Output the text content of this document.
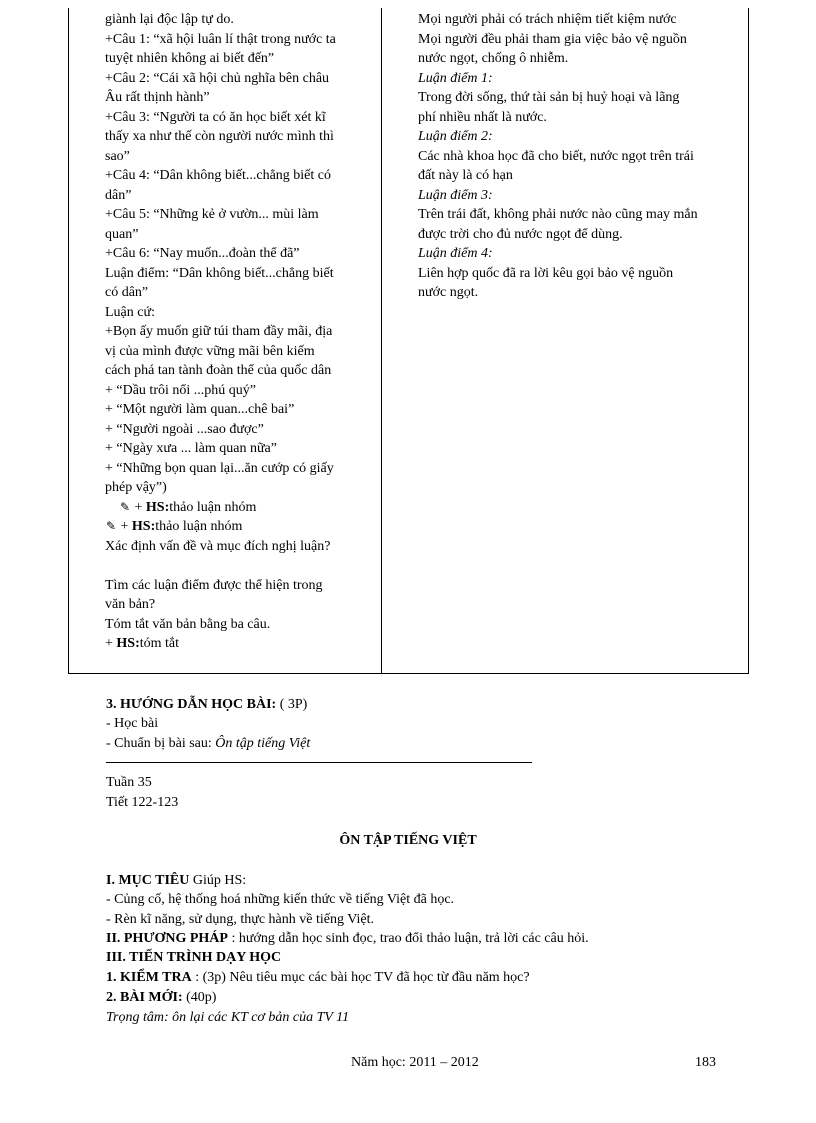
giành lại độc lập tự do.
+Câu 1: “xã hội luân lí thật trong nước ta
tuyệt nhiên không ai biết đến”
+Câu 2: “Cái xã hội chủ nghĩa bên châu
Âu rất thịnh hành”
+Câu 3: “Người ta có ăn học biết xét kĩ
thấy xa như thế còn người nước mình thì
sao”
+Câu 4: “Dân không biết...chẳng biết có
dân”
+Câu 5: “Những kẻ ở vườn... mùi làm
quan”
+Câu 6: “Nay muốn...đoàn thể đã”
Luận điểm: “Dân không biết...chẳng biết
có dân”
Luận cứ:
+Bọn ấy muốn giữ túi tham đầy mãi, địa
vị của mình được vững mãi bên kiếm
cách phá tan tành đoàn thể của quốc dân
+ “Dầu trôi nổi ...phú quý”
+ “Một người làm quan...chê bai”
+ “Người ngoài ...sao được”
+ “Ngày xưa ... làm quan nữa”
+ “Những bọn quan lại...ăn cướp có giấy
phép vậy”)
✎ + HS:thảo luận nhóm
✎ + HS:thảo luận nhóm
Xác định vấn đề và mục đích nghị luận?
Tìm các luận điểm được thể hiện trong
văn bản?
Tóm tắt văn bản bằng ba câu.
+ HS:tóm tắt
Mọi người phải có trách nhiệm tiết kiệm nước
Mọi người đều phải tham gia việc bảo vệ nguồn
nước ngọt, chống ô nhiễm.
Luận điểm 1:
Trong đời sống, thứ tài sản bị huỷ hoại và lãng
phí nhiều nhất là nước.
Luận điểm 2:
Các nhà khoa học đã cho biết, nước ngọt trên trái
đất này là có hạn
Luận điểm 3:
Trên trái đất, không phải nước nào cũng may mắn
được trời cho đủ nước ngọt để dùng.
Luận điểm 4:
Liên hợp quốc đã ra lời kêu gọi bảo vệ nguồn
nước ngọt.
3. HƯỚNG DẪN HỌC BÀI: ( 3P)
- Học bài
- Chuẩn bị bài sau: Ôn tập tiếng Việt
Tuần 35
Tiết 122-123
ÔN TẬP TIẾNG VIỆT
I. MỤC TIÊU Giúp HS:
- Củng cố, hệ thống hoá những kiến thức về tiếng Việt đã học.
- Rèn kĩ năng, sử dụng, thực hành về tiếng Việt.
II. PHƯƠNG PHÁP : hướng dẫn học sinh đọc, trao đổi thảo luận, trả lời các câu hỏi.
III. TIẾN TRÌNH DẠY HỌC
1. KIỂM TRA : (3p) Nêu tiêu mục các bài học TV đã học từ đầu năm học?
2. BÀI MỚI: (40p)
Trọng tâm: ôn lại các KT cơ bản của TV 11
Năm học: 2011 – 2012	183
